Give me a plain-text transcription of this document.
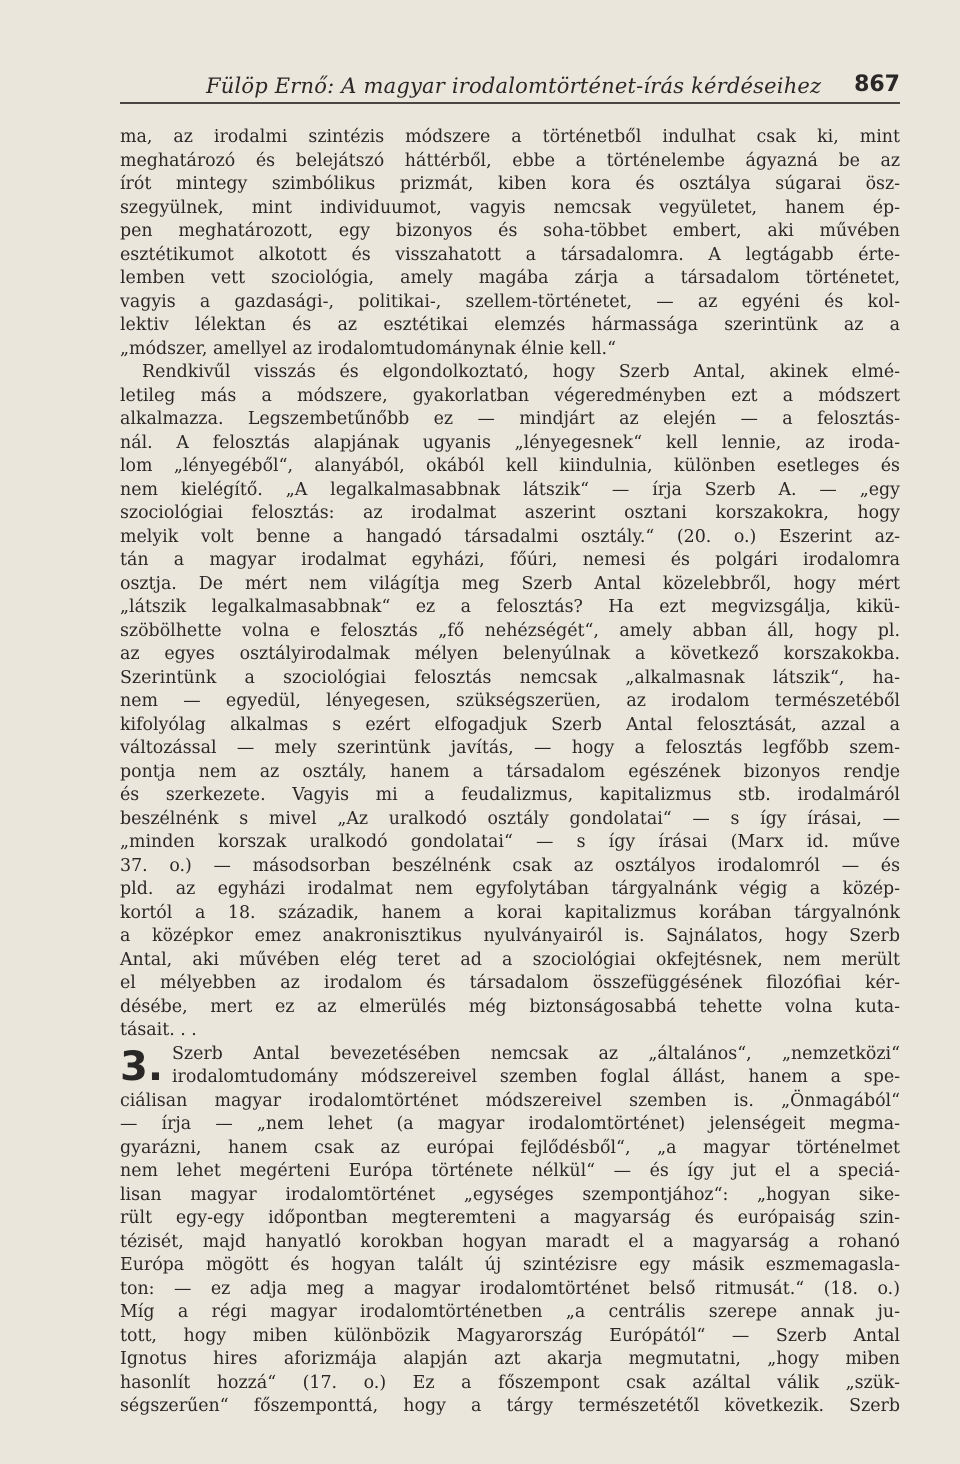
Fülöp Ernő: A magyar irodalomtörténet-írás kérdéseihez 867
ma, az irodalmi szintézis módszere a történetből indulhat csak ki, mint
meghatározó és belejátszó háttérből, ebbe a történelembe ágyazná be az
írót mintegy szimbólikus prizmát, kiben kora és osztálya súgarai ösz-
szegyülnek, mint individuumot, vagyis nemcsak vegyületet, hanem ép-
pen meghatározott, egy bizonyos és soha-többet embert, aki művében
esztétikumot alkotott és visszahatott a társadalomra. A legtágabb érte-
lemben vett szociológia, amely magába zárja a társadalom történetet,
vagyis a gazdasági-, politikai-, szellem-történetet, — az egyéni és kol-
lektiv lélektan és az esztétikai elemzés hármassága szerintünk az a
„módszer, amellyel az irodalomtudománynak élnie kell.“
Rendkivűl visszás és elgondolkoztató, hogy Szerb Antal, akinek elmé-
letileg más a módszere, gyakorlatban végeredményben ezt a módszert
alkalmazza. Legszembetűnőbb ez — mindjárt az elején — a felosztás-
nál. A felosztás alapjának ugyanis „lényegesnek“ kell lennie, az iroda-
lom „lényegéből“, alanyából, okából kell kiindulnia, különben esetleges és
nem kielégítő. „A legalkalmasabbnak látszik“ — írja Szerb A. — „egy
szociológiai felosztás: az irodalmat aszerint osztani korszakokra, hogy
melyik volt benne a hangadó társadalmi osztály.“ (20. o.) Eszerint az-
tán a magyar irodalmat egyházi, főúri, nemesi és polgári irodalomra
osztja. De mért nem világítja meg Szerb Antal közelebbről, hogy mért
„látszik legalkalmasabbnak“ ez a felosztás? Ha ezt megvizsgálja, kikü-
szöbölhette volna e felosztás „fő nehézségét“, amely abban áll, hogy pl.
az egyes osztályirodalmak mélyen belenyúlnak a következő korszakokba.
Szerintünk a szociológiai felosztás nemcsak „alkalmasnak látszik“, ha-
nem — egyedül, lényegesen, szükségszerüen, az irodalom természetéből
kifolyólag alkalmas s ezért elfogadjuk Szerb Antal felosztását, azzal a
változással — mely szerintünk javítás, — hogy a felosztás legfőbb szem-
pontja nem az osztály, hanem a társadalom egészének bizonyos rendje
és szerkezete. Vagyis mi a feudalizmus, kapitalizmus stb. irodalmáról
beszélnénk s mivel „Az uralkodó osztály gondolatai“ — s így írásai, —
„minden korszak uralkodó gondolatai“ — s így írásai (Marx id. műve
37. o.) — másodsorban beszélnénk csak az osztályos irodalomról — és
pld. az egyházi irodalmat nem egyfolytában tárgyalnánk végig a közép-
kortól a 18. századik, hanem a korai kapitalizmus korában tárgyalnónk
a középkor emez anakronisztikus nyulványairól is. Sajnálatos, hogy Szerb
Antal, aki művében elég teret ad a szociológiai okfejtésnek, nem merült
el mélyebben az irodalom és társadalom összefüggésének filozófiai kér-
désébe, mert ez az elmerülés még biztonságosabbá tehette volna kuta-
tásait. . .
3. Szerb Antal bevezetésében nemcsak az „általános“, „nemzetközi“
irodalomtudomány módszereivel szemben foglal állást, hanem a spe-
ciálisan magyar irodalomtörténet módszereivel szemben is. „Önmagából“
— írja — „nem lehet (a magyar irodalomtörténet) jelenségeit megma-
gyarázni, hanem csak az európai fejlődésből“, „a magyar történelmet
nem lehet megérteni Európa története nélkül“ — és így jut el a speciá-
lisan magyar irodalomtörténet „egységes szempontjához“: „hogyan sike-
rült egy-egy időpontban megteremteni a magyarság és európaiság szin-
tézisét, majd hanyatló korokban hogyan maradt el a magyarság a rohanó
Európa mögött és hogyan talált új szintézisre egy másik eszmemagasla-
ton: — ez adja meg a magyar irodalomtörténet belső ritmusát.“ (18. o.)
Míg a régi magyar irodalomtörténetben „a centrális szerepe annak ju-
tott, hogy miben különbözik Magyarország Európától“ — Szerb Antal
Ignotus hires aforizmája alapján azt akarja megmutatni, „hogy miben
hasonlít hozzá“ (17. o.) Ez a főszempont csak azáltal válik „szük-
ségszerűen“ főszemponttá, hogy a tárgy természetétől következik. Szerb
